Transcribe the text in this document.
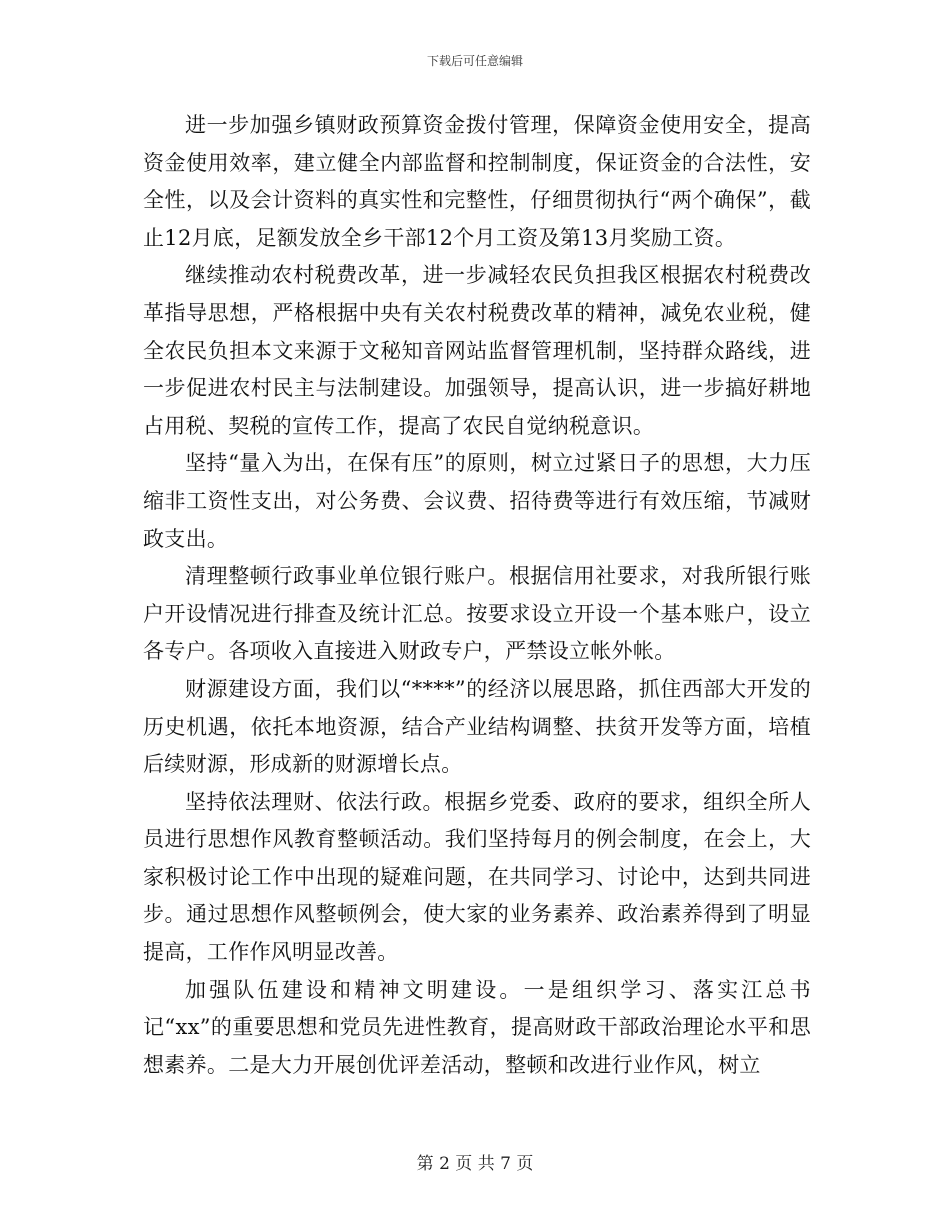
下载后可任意编辑

进一步加强乡镇财政预算资金拨付管理，保障资金使用安全，提高资金使用效率，建立健全内部监督和控制制度，保证资金的合法性，安全性，以及会计资料的真实性和完整性，仔细贯彻执行“两个确保”，截止12月底，足额发放全乡干部12个月工资及第13月奖励工资。

继续推动农村税费改革，进一步减轻农民负担我区根据农村税费改革指导思想，严格根据中央有关农村税费改革的精神，减免农业税，健全农民负担本文来源于文秘知音网站监督管理机制，坚持群众路线，进一步促进农村民主与法制建设。加强领导，提高认识，进一步搞好耕地占用税、契税的宣传工作，提高了农民自觉纳税意识。

坚持“量入为出，在保有压”的原则，树立过紧日子的思想，大力压缩非工资性支出，对公务费、会议费、招待费等进行有效压缩，节减财政支出。

清理整顿行政事业单位银行账户。根据信用社要求，对我所银行账户开设情况进行排查及统计汇总。按要求设立开设一个基本账户，设立各专户。各项收入直接进入财政专户，严禁设立帐外帐。

财源建设方面，我们以“****”的经济以展思路，抓住西部大开发的历史机遇，依托本地资源，结合产业结构调整、扶贫开发等方面，培植后续财源，形成新的财源增长点。

坚持依法理财、依法行政。根据乡党委、政府的要求，组织全所人员进行思想作风教育整顿活动。我们坚持每月的例会制度，在会上，大家积极讨论工作中出现的疑难问题，在共同学习、讨论中，达到共同进步。通过思想作风整顿例会，使大家的业务素养、政治素养得到了明显提高，工作作风明显改善。

加强队伍建设和精神文明建设。一是组织学习、落实江总书记“xx”的重要思想和党员先进性教育，提高财政干部政治理论水平和思想素养。二是大力开展创优评差活动，整顿和改进行业作风，树立

第 2 页 共 7 页
